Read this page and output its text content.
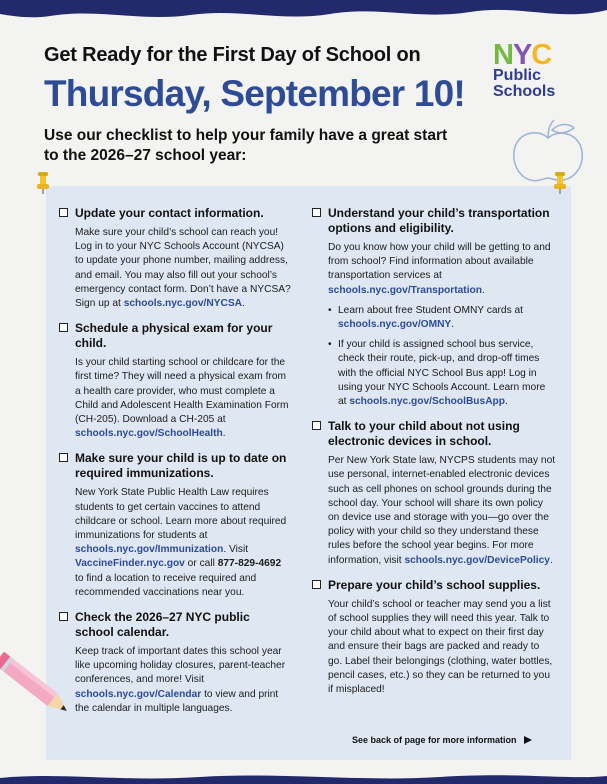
Get Ready for the First Day of School on
Thursday, September 10!
N Y C
Public
Schools
Use our checklist to help your family have a great start to the 2026–27 school year:
Update your contact information.
Make sure your child’s school can reach you! Log in to your NYC Schools Account (NYCSA) to update your phone number, mailing address, and email. You may also fill out your school’s emergency contact form. Don’t have a NYCSA? Sign up at schools.nyc.gov/NYCSA.
Schedule a physical exam for your child.
Is your child starting school or childcare for the first time? They will need a physical exam from a health care provider, who must complete a Child and Adolescent Health Examination Form (CH-205). Download a CH-205 at schools.nyc.gov/SchoolHealth.
Make sure your child is up to date on required immunizations.
New York State Public Health Law requires students to get certain vaccines to attend childcare or school. Learn more about required immunizations for students at schools.nyc.gov/Immunization. Visit VaccineFinder.nyc.gov or call 877-829-4692 to find a location to receive required and recommended vaccinations near you.
Check the 2026–27 NYC public school calendar.
Keep track of important dates this school year like upcoming holiday closures, parent-teacher conferences, and more! Visit schools.nyc.gov/Calendar to view and print the calendar in multiple languages.
Understand your child’s transportation options and eligibility.
Do you know how your child will be getting to and from school? Find information about available transportation services at schools.nyc.gov/Transportation.
• Learn about free Student OMNY cards at schools.nyc.gov/OMNY.
• If your child is assigned school bus service, check their route, pick-up, and drop-off times with the official NYC School Bus app! Log in using your NYC Schools Account. Learn more at schools.nyc.gov/SchoolBusApp.
Talk to your child about not using electronic devices in school.
Per New York State law, NYCPS students may not use personal, internet-enabled electronic devices such as cell phones on school grounds during the school day. Your school will share its own policy on device use and storage with you—go over the policy with your child so they understand these rules before the school year begins. For more information, visit schools.nyc.gov/DevicePolicy.
Prepare your child’s school supplies.
Your child’s school or teacher may send you a list of school supplies they will need this year. Talk to your child about what to expect on their first day and ensure their bags are packed and ready to go. Label their belongings (clothing, water bottles, pencil cases, etc.) so they can be returned to you if misplaced!
See back of page for more information
